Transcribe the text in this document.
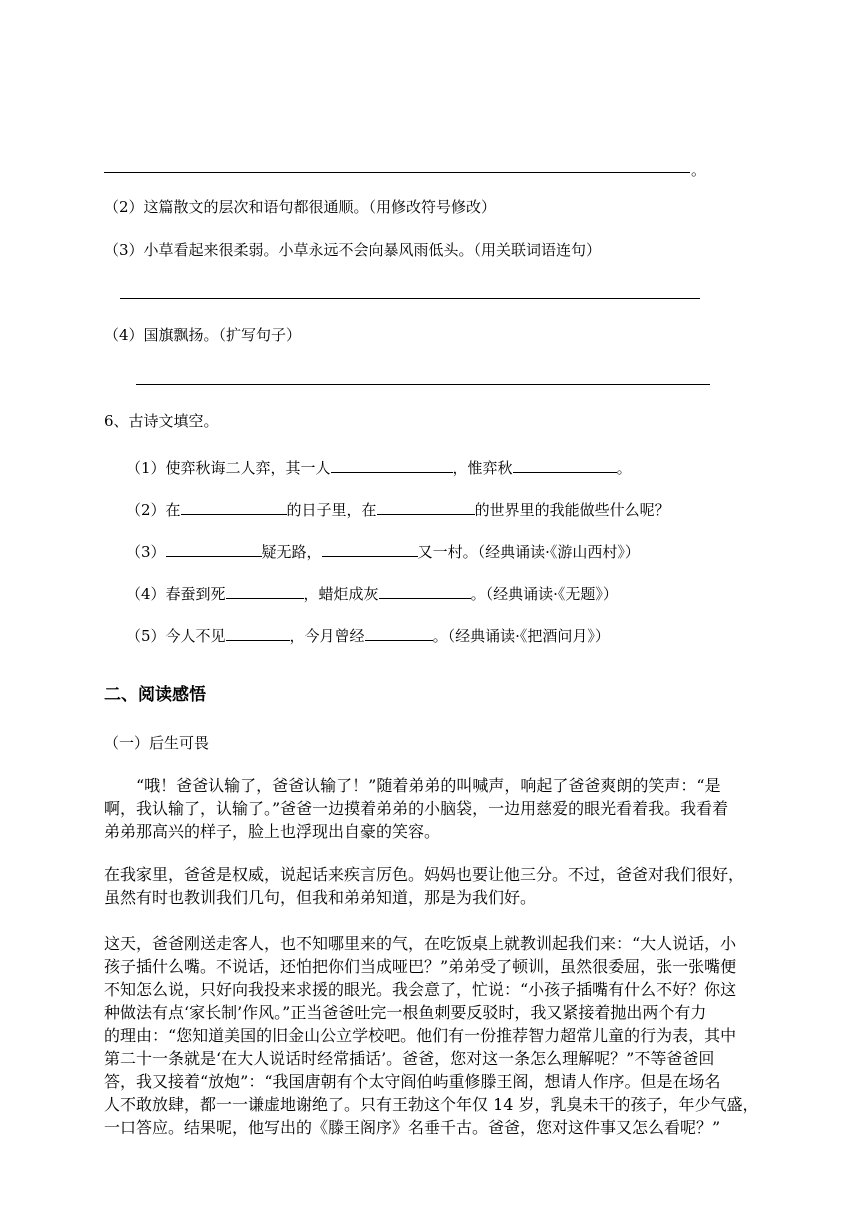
。

（2）这篇散文的层次和语句都很通顺。（用修改符号修改）

（3）小草看起来很柔弱。小草永远不会向暴风雨低头。（用关联词语连句）

（4）国旗飘扬。（扩写句子）

6、古诗文填空。

（1）使弈秋诲二人弈，其一人	，惟弈秋	。

（2）在	的日子里，在	的世界里的我能做些什么呢？

（3）	疑无路，	又一村。（经典诵读·《游山西村》）

（4）春蚕到死	，蜡炬成灰	。（经典诵读·《无题》）

（5）今人不见	，今月曾经	。（经典诵读·《把酒问月》）

二、阅读感悟

（一）后生可畏

“哦！爸爸认输了，爸爸认输了！”随着弟弟的叫喊声，响起了爸爸爽朗的笑声：“是
啊，我认输了，认输了。”爸爸一边摸着弟弟的小脑袋，一边用慈爱的眼光看着我。我看着
弟弟那高兴的样子，脸上也浮现出自豪的笑容。
在我家里，爸爸是权威，说起话来疾言厉色。妈妈也要让他三分。不过，爸爸对我们很好，
虽然有时也教训我们几句，但我和弟弟知道，那是为我们好。
这天，爸爸刚送走客人，也不知哪里来的气，在吃饭桌上就教训起我们来：“大人说话，小
孩子插什么嘴。不说话，还怕把你们当成哑巴？”弟弟受了顿训，虽然很委屈，张一张嘴便
不知怎么说，只好向我投来求援的眼光。我会意了，忙说：“小孩子插嘴有什么不好？你这
种做法有点‘家长制’作风。”正当爸爸吐完一根鱼刺要反驳时，我又紧接着抛出两个有力
的理由：“您知道美国的旧金山公立学校吧。他们有一份推荐智力超常儿童的行为表，其中
第二十一条就是‘在大人说话时经常插话’。爸爸，您对这一条怎么理解呢？”不等爸爸回
答，我又接着“放炮”：“我国唐朝有个太守阎伯屿重修滕王阁，想请人作序。但是在场名
人不敢放肆，都一一谦虚地谢绝了。只有王勃这个年仅 14 岁，乳臭未干的孩子，年少气盛，
一口答应。结果呢，他写出的《滕王阁序》名垂千古。爸爸，您对这件事又怎么看呢？”
